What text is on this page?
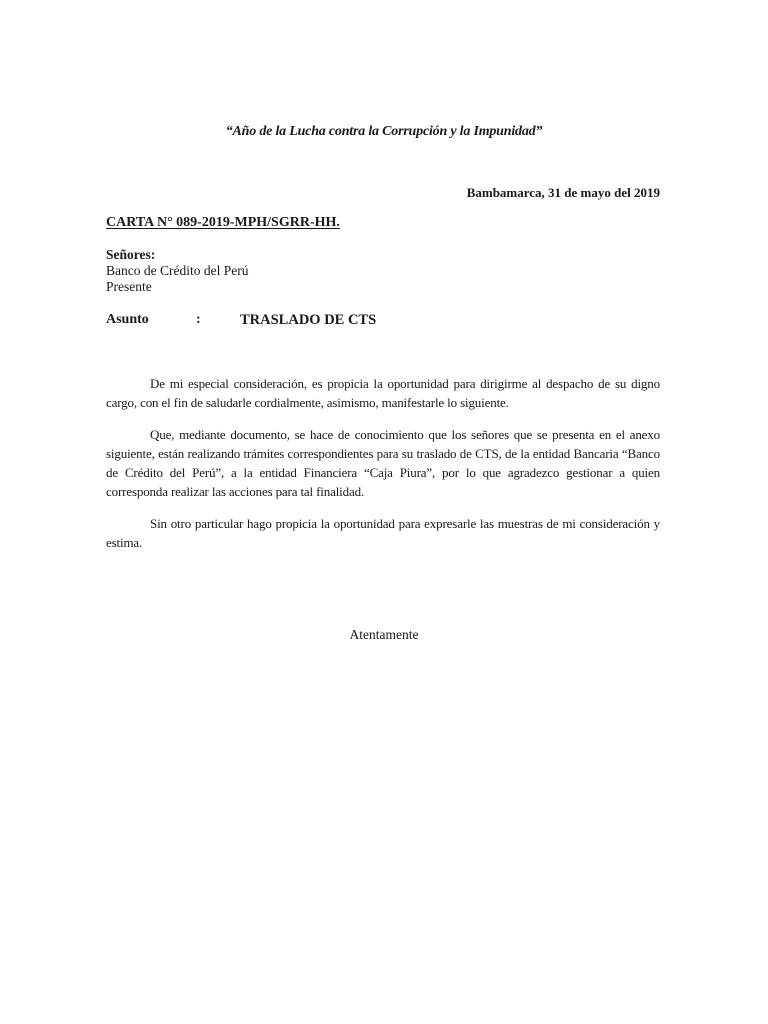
“Año de la Lucha contra la Corrupción y la Impunidad”
Bambamarca, 31 de mayo del 2019
CARTA N° 089-2019-MPH/SGRR-HH.
Señores:
Banco de Crédito del Perú
Presente
Asunto	:	TRASLADO DE CTS

De mi especial consideración, es propicia la oportunidad para dirigirme al despacho de su digno cargo, con el fin de saludarle cordialmente, asimismo, manifestarle lo siguiente.

Que, mediante documento, se hace de conocimiento que los señores que se presenta en el anexo siguiente, están realizando trámites correspondientes para su traslado de CTS, de la entidad Bancaria “Banco de Crédito del Perú”, a la entidad Financiera “Caja Piura”, por lo que agradezco gestionar a quien corresponda realizar las acciones para tal finalidad.

Sin otro particular hago propicia la oportunidad para expresarle las muestras de mi consideración y estima.

Atentamente
